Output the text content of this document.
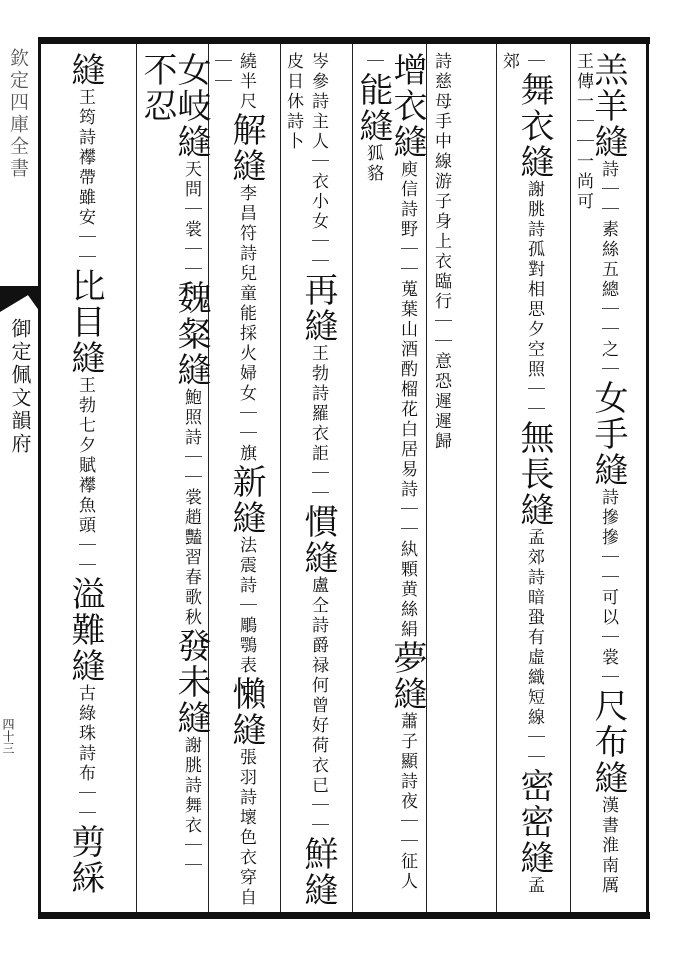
欽定四庫全書
御定佩文韻府
四十三
羔羊縫詩｜｜素絲五總｜｜之｜女手縫詩摻摻｜｜可以｜裳｜尺布縫漢書淮南厲王傳一｜｜一尚可
｜舞衣縫謝朓詩孤對相思夕空照｜｜無長縫孟郊詩暗蛩有虛織短線｜｜密密縫孟郊
詩慈母手中線游子身上衣臨行｜｜意恐遲遲歸
增衣縫庾信詩野｜｜蒐葉山酒酌榴花白居易詩｜｜紈顆黄絲絹夢縫蕭子顯詩夜｜｜征人｜能縫狐貉
岑參詩主人｜衣小女｜｜再縫王勃詩羅衣詎｜｜慣縫盧仝詩爵禄何曾好荷衣已｜｜鮮縫皮日休詩卜
繞半尺解縫李昌符詩兒童能採火婦女｜｜旗新縫法震詩｜鵰鶚表懶縫張羽詩壞色衣穿自｜｜
女岐縫天問｜裳｜｜魏粲縫鮑照詩｜｜裳趙豔習春歌秋發未縫謝朓詩舞衣｜｜不忍
縫王筠詩襻帶雖安｜｜比目縫王勃七夕賦襻魚頭｜｜溢難縫古綠珠詩布｜｜剪綵
